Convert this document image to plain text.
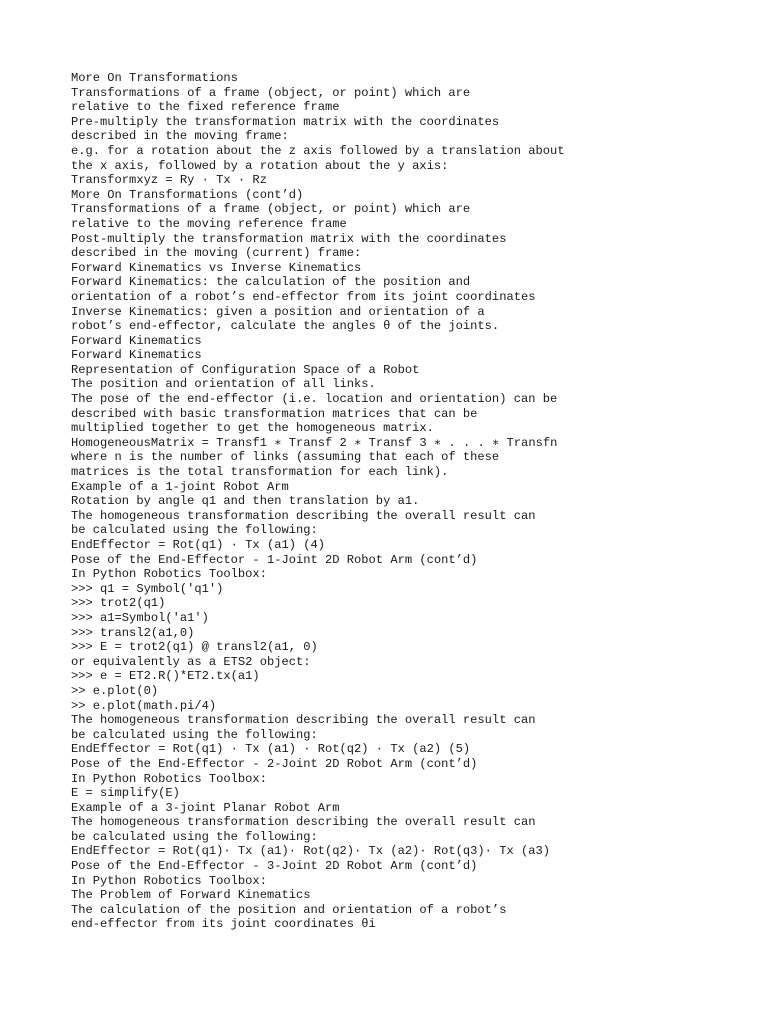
More On Transformations
Transformations of a frame (object, or point) which are
relative to the fixed reference frame
Pre-multiply the transformation matrix with the coordinates
described in the moving frame:
e.g. for a rotation about the z axis followed by a translation about
the x axis, followed by a rotation about the y axis:
Transformxyz = Ry · Tx · Rz
More On Transformations (cont’d)
Transformations of a frame (object, or point) which are
relative to the moving reference frame
Post-multiply the transformation matrix with the coordinates
described in the moving (current) frame:
Forward Kinematics vs Inverse Kinematics
Forward Kinematics: the calculation of the position and
orientation of a robot’s end-effector from its joint coordinates
Inverse Kinematics: given a position and orientation of a
robot’s end-effector, calculate the angles θ of the joints.
Forward Kinematics
Forward Kinematics
Representation of Configuration Space of a Robot
The position and orientation of all links.
The pose of the end-effector (i.e. location and orientation) can be
described with basic transformation matrices that can be
multiplied together to get the homogeneous matrix.
HomogeneousMatrix = Transf1 ∗ Transf 2 ∗ Transf 3 ∗ . . . ∗ Transfn
where n is the number of links (assuming that each of these
matrices is the total transformation for each link).
Example of a 1-joint Robot Arm
Rotation by angle q1 and then translation by a1.
The homogeneous transformation describing the overall result can
be calculated using the following:
EndEffector = Rot(q1) · Tx (a1) (4)
Pose of the End-Effector - 1-Joint 2D Robot Arm (cont’d)
In Python Robotics Toolbox:
>>> q1 = Symbol('q1')
>>> trot2(q1)
>>> a1=Symbol('a1')
>>> transl2(a1,0)
>>> E = trot2(q1) @ transl2(a1, 0)
or equivalently as a ETS2 object:
>>> e = ET2.R()*ET2.tx(a1)
>> e.plot(0)
>> e.plot(math.pi/4)
The homogeneous transformation describing the overall result can
be calculated using the following:
EndEffector = Rot(q1) · Tx (a1) · Rot(q2) · Tx (a2) (5)
Pose of the End-Effector - 2-Joint 2D Robot Arm (cont’d)
In Python Robotics Toolbox:
E = simplify(E)
Example of a 3-joint Planar Robot Arm
The homogeneous transformation describing the overall result can
be calculated using the following:
EndEffector = Rot(q1)· Tx (a1)· Rot(q2)· Tx (a2)· Rot(q3)· Tx (a3)
Pose of the End-Effector - 3-Joint 2D Robot Arm (cont’d)
In Python Robotics Toolbox:
The Problem of Forward Kinematics
The calculation of the position and orientation of a robot’s
end-effector from its joint coordinates θi
